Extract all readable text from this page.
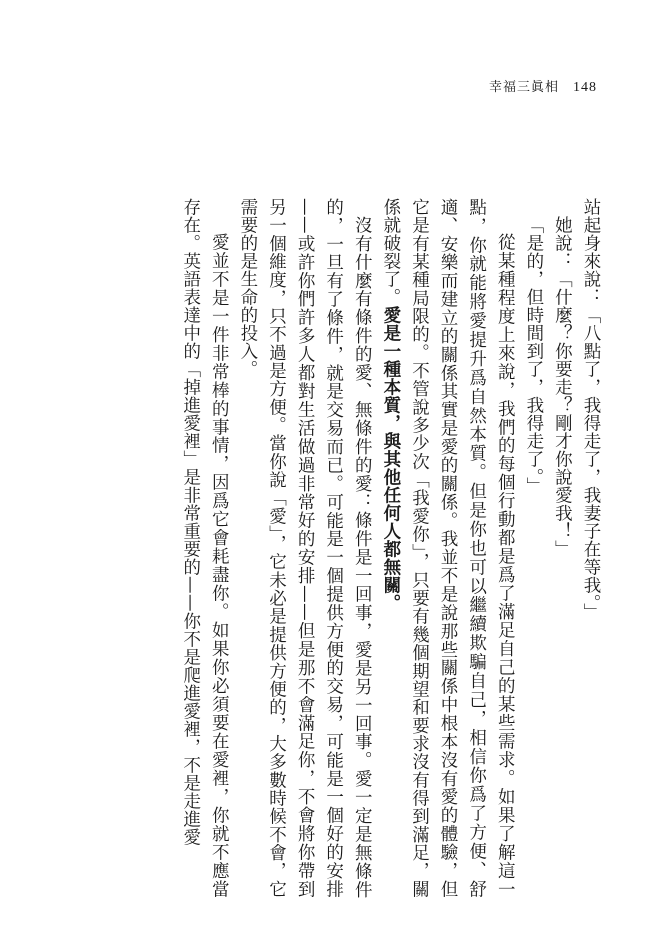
幸福三眞相 148

站起身來說：「八點了，我得走了，我妻子在等我。」

她說：「什麼？你要走？剛才你說愛我！」

「是的，但時間到了，我得走了。」

從某種程度上來說，我們的每個行動都是爲了滿足自己的某些需求。如果了解這一點，你就能將愛提升爲自然本質。但是你也可以繼續欺騙自己，相信你爲了方便、舒適、安樂而建立的關係其實是愛的關係。我並不是說那些關係中根本沒有愛的體驗，但它是有某種局限的。不管說多少次「我愛你」，只要有幾個期望和要求沒有得到滿足，關係就破裂了。愛是一種本質，與其他任何人都無關。

沒有什麼有條件的愛、無條件的愛：條件是一回事，愛是另一回事。愛一定是無條件的，一旦有了條件，就是交易而已。可能是一個提供方便的交易，可能是一個好的安排——或許你們許多人都對生活做過非常好的安排——但是那不會滿足你，不會將你帶到另一個維度，只不過是方便。當你說「愛」，它未必是提供方便的，大多數時候不會，它需要的是生命的投入。

愛並不是一件非常棒的事情，因爲它會耗盡你。如果你必須要在愛裡，你就不應當存在。英語表達中的「掉進愛裡」是非常重要的——你不是爬進愛裡，不是走進愛
